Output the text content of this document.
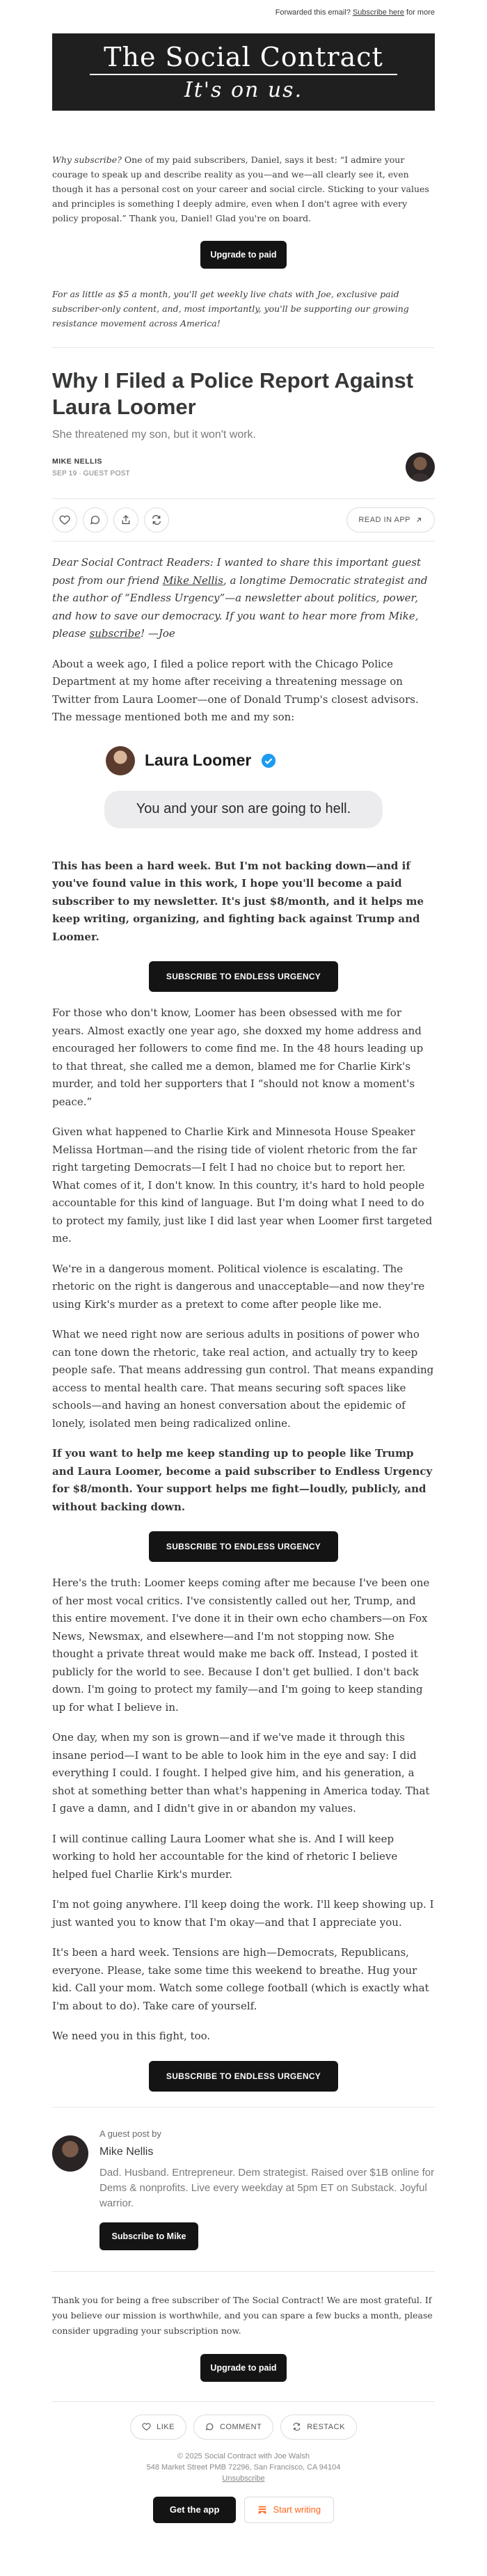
Forwarded this email? Subscribe here for more
The Social Contract
It's on us.
Why subscribe? One of my paid subscribers, Daniel, says it best: “I admire your courage to speak up and describe reality as you—and we—all clearly see it, even though it has a personal cost on your career and social circle. Sticking to your values and principles is something I deeply admire, even when I don't agree with every policy proposal.” Thank you, Daniel! Glad you're on board.
Upgrade to paid
For as little as $5 a month, you'll get weekly live chats with Joe, exclusive paid subscriber-only content, and, most importantly, you'll be supporting our growing resistance movement across America!
Why I Filed a Police Report Against Laura Loomer
She threatened my son, but it won't work.
MIKE NELLIS
SEP 19 ∙ GUEST POST
READ IN APP

Dear Social Contract Readers: I wanted to share this important guest post from our friend Mike Nellis, a longtime Democratic strategist and the author of “Endless Urgency”—a newsletter about politics, power, and how to save our democracy. If you want to hear more from Mike, please subscribe! —Joe

About a week ago, I filed a police report with the Chicago Police Department at my home after receiving a threatening message on Twitter from Laura Loomer—one of Donald Trump's closest advisors. The message mentioned both me and my son:

Laura Loomer
You and your son are going to hell.

This has been a hard week. But I'm not backing down—and if you've found value in this work, I hope you'll become a paid subscriber to my newsletter. It's just $8/month, and it helps me keep writing, organizing, and fighting back against Trump and Loomer.

SUBSCRIBE TO ENDLESS URGENCY

For those who don't know, Loomer has been obsessed with me for years. Almost exactly one year ago, she doxxed my home address and encouraged her followers to come find me. In the 48 hours leading up to that threat, she called me a demon, blamed me for Charlie Kirk's murder, and told her supporters that I “should not know a moment's peace.”

Given what happened to Charlie Kirk and Minnesota House Speaker Melissa Hortman—and the rising tide of violent rhetoric from the far right targeting Democrats—I felt I had no choice but to report her. What comes of it, I don't know. In this country, it's hard to hold people accountable for this kind of language. But I'm doing what I need to do to protect my family, just like I did last year when Loomer first targeted me.

We're in a dangerous moment. Political violence is escalating. The rhetoric on the right is dangerous and unacceptable—and now they're using Kirk's murder as a pretext to come after people like me.

What we need right now are serious adults in positions of power who can tone down the rhetoric, take real action, and actually try to keep people safe. That means addressing gun control. That means expanding access to mental health care. That means securing soft spaces like schools—and having an honest conversation about the epidemic of lonely, isolated men being radicalized online.

If you want to help me keep standing up to people like Trump and Laura Loomer, become a paid subscriber to Endless Urgency for $8/month. Your support helps me fight—loudly, publicly, and without backing down.

SUBSCRIBE TO ENDLESS URGENCY

Here's the truth: Loomer keeps coming after me because I've been one of her most vocal critics. I've consistently called out her, Trump, and this entire movement. I've done it in their own echo chambers—on Fox News, Newsmax, and elsewhere—and I'm not stopping now. She thought a private threat would make me back off. Instead, I posted it publicly for the world to see. Because I don't get bullied. I don't back down. I'm going to protect my family—and I'm going to keep standing up for what I believe in.

One day, when my son is grown—and if we've made it through this insane period—I want to be able to look him in the eye and say: I did everything I could. I fought. I helped give him, and his generation, a shot at something better than what's happening in America today. That I gave a damn, and I didn't give in or abandon my values.

I will continue calling Laura Loomer what she is. And I will keep working to hold her accountable for the kind of rhetoric I believe helped fuel Charlie Kirk's murder.

I'm not going anywhere. I'll keep doing the work. I'll keep showing up. I just wanted you to know that I'm okay—and that I appreciate you.

It's been a hard week. Tensions are high—Democrats, Republicans, everyone. Please, take some time this weekend to breathe. Hug your kid. Call your mom. Watch some college football (which is exactly what I'm about to do). Take care of yourself.

We need you in this fight, too.

SUBSCRIBE TO ENDLESS URGENCY
A guest post by
Mike Nellis
Dad. Husband. Entrepreneur. Dem strategist. Raised over $1B online for Dems & nonprofits. Live every weekday at 5pm ET on Substack. Joyful warrior.
Subscribe to Mike
Thank you for being a free subscriber of The Social Contract! We are most grateful. If you believe our mission is worthwhile, and you can spare a few bucks a month, please consider upgrading your subscription now.
Upgrade to paid
LIKE	COMMENT	RESTACK
© 2025 Social Contract with Joe Walsh
548 Market Street PMB 72296, San Francisco, CA 94104
Unsubscribe
Get the app	Start writing
